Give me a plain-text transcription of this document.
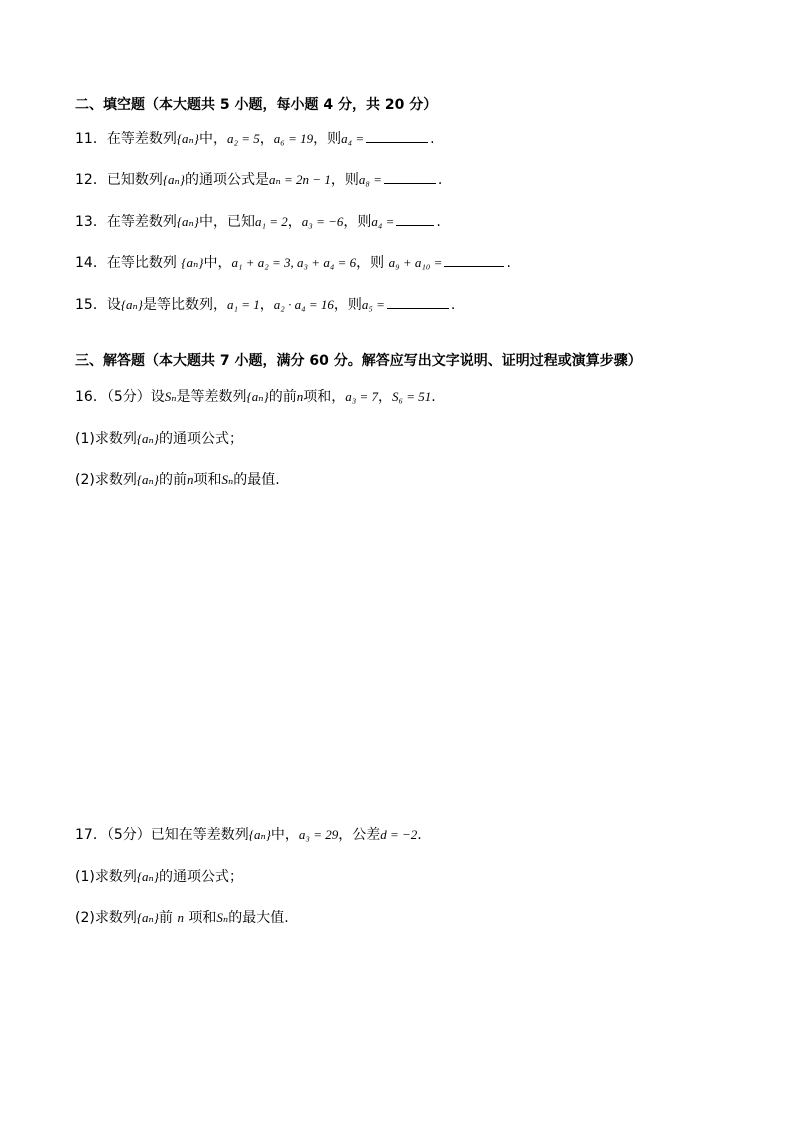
二、填空题（本大题共 5 小题，每小题 4 分，共 20 分）
11．在等差数列{aₙ}中，a₂ = 5，a₆ = 19，则a₄ =	.
12．已知数列{aₙ}的通项公式是aₙ = 2n − 1，则a₈ =	.
13．在等差数列{aₙ}中，已知a₁ = 2，a₃ = −6，则a₄ =	.
14．在等比数列 {aₙ}中，a₁ + a₂ = 3, a₃ + a₄ = 6，则 a₉ + a₁₀ =	.
15．设{aₙ}是等比数列，a₁ = 1，a₂ · a₄ = 16，则a₅ =	.
三、解答题（本大题共 7 小题，满分 60 分。解答应写出文字说明、证明过程或演算步骤）
16．（5分）设Sₙ是等差数列{aₙ}的前n项和，a₃ = 7，S₆ = 51.
(1)求数列{aₙ}的通项公式；
(2)求数列{aₙ}的前n项和Sₙ的最值.
17．（5分）已知在等差数列{aₙ}中，a₃ = 29，公差d = −2.
(1)求数列{aₙ}的通项公式；
(2)求数列{aₙ}前 n 项和Sₙ的最大值.
